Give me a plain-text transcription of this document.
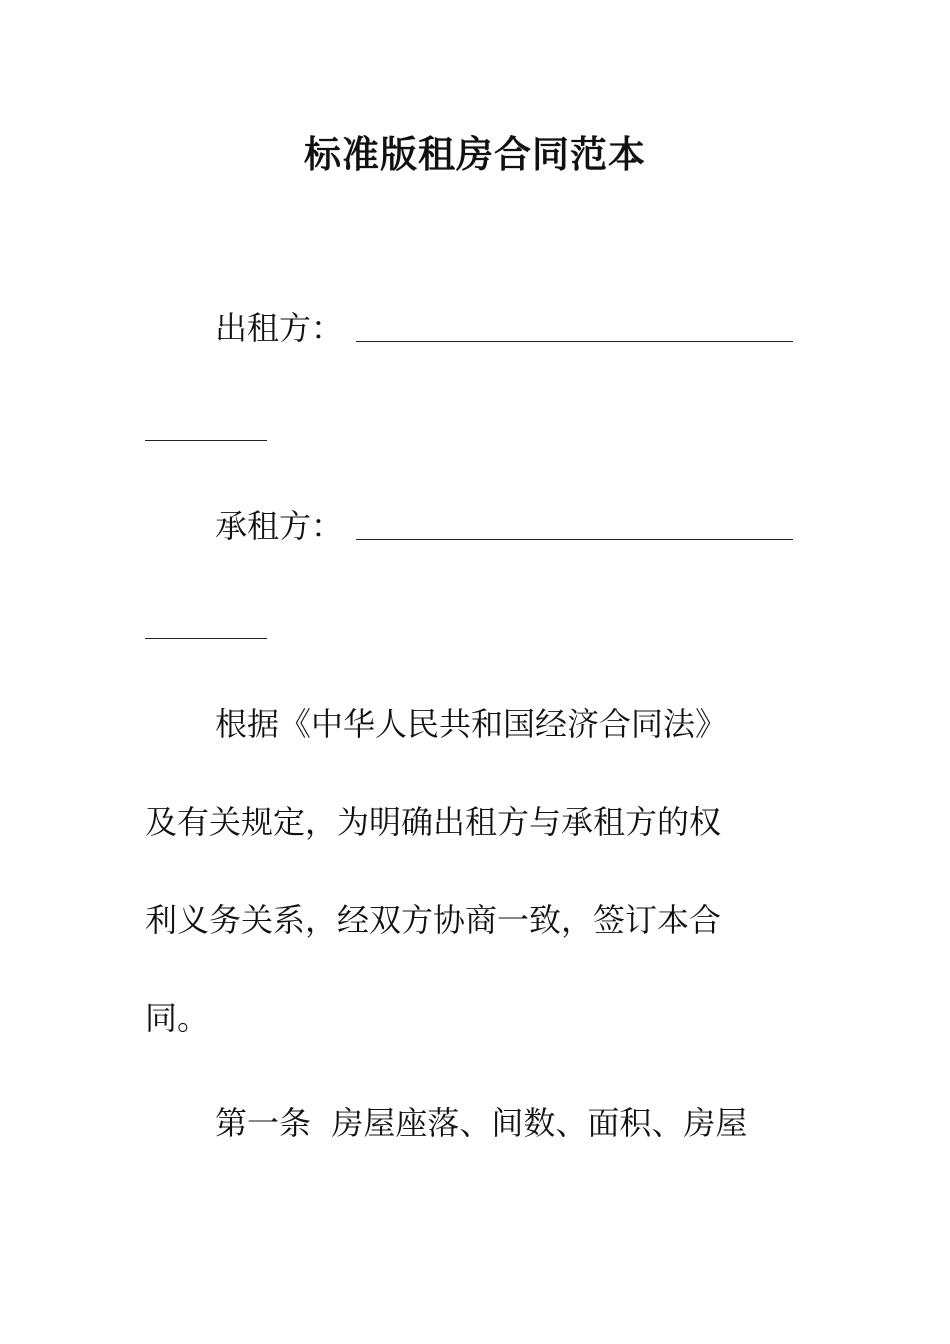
标准版租房合同范本
出租方：
承租方：
根据《中华人民共和国经济合同法》
及有关规定，为明确出租方与承租方的权
利义务关系，经双方协商一致，签订本合
同。
第一条  房屋座落、间数、面积、房屋
